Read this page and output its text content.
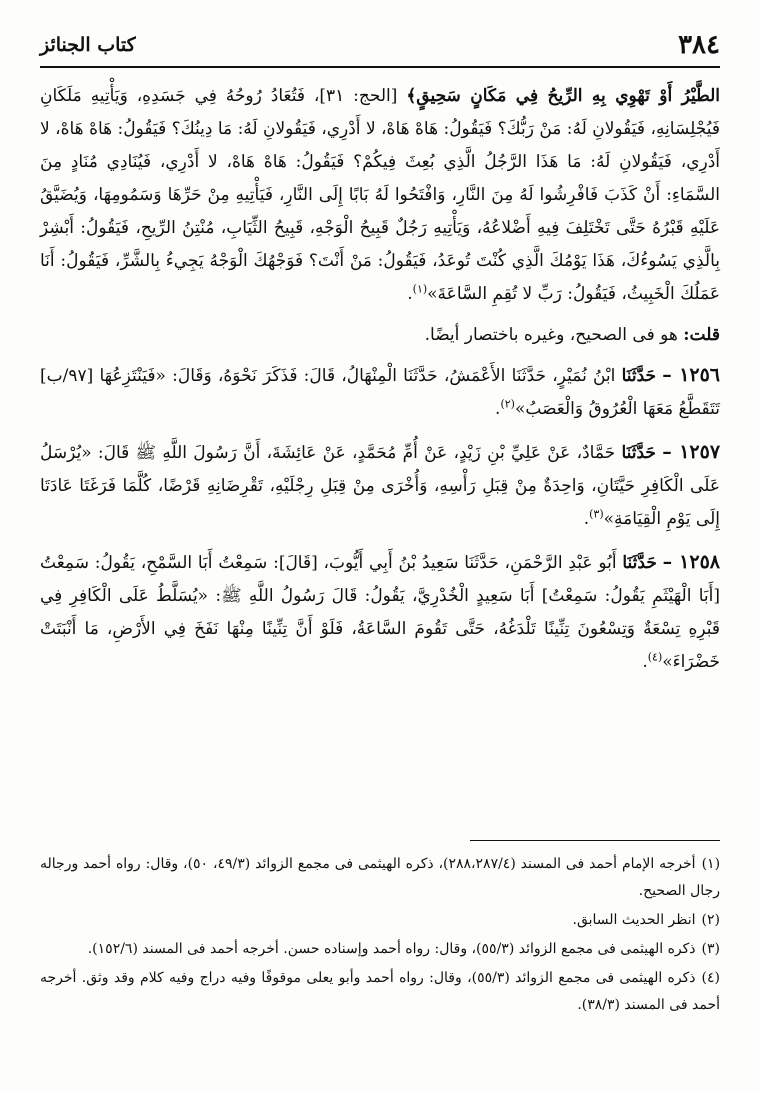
٣٨٤
كتاب الجنائز

الطَّيْرُ أَوْ تَهْوِي بِهِ الرِّيحُ فِي مَكَانٍ سَحِيقٍ﴾ [الحج: ٣١]، فَتُعَادُ رُوحُهُ فِي جَسَدِهِ، وَيَأْتِيهِ مَلَكَانِ فَيُجْلِسَانِهِ، فَيَقُولانِ لَهُ: مَنْ رَبُّكَ؟ فَيَقُولُ: هَاهْ هَاهْ، لا أَدْرِي، فَيَقُولانِ لَهُ: مَا دِينُكَ؟ فَيَقُولُ: هَاهْ هَاهْ، لا أَدْرِي، فَيَقُولانِ لَهُ: مَا هَذَا الرَّجُلُ الَّذِي بُعِثَ فِيكُمْ؟ فَيَقُولُ: هَاهْ هَاهْ، لا أَدْرِي، فَيُنَادِي مُنَادٍ مِنَ السَّمَاءِ: أَنْ كَذَبَ فَافْرِشُوا لَهُ مِنَ النَّارِ، وَافْتَحُوا لَهُ بَابًا إِلَى النَّارِ، فَيَأْتِيهِ مِنْ حَرِّهَا وَسَمُومِهَا، وَيُضَيَّقُ عَلَيْهِ قَبْرُهُ حَتَّى تَخْتَلِفَ فِيهِ أَضْلاعُهُ، وَيَأْتِيهِ رَجُلٌ قَبِيحُ الْوَجْهِ، قَبِيحُ الثِّيَابِ، مُنْتِنُ الرِّيحِ، فَيَقُولُ: أَبْشِرْ بِالَّذِي يَسُوءُكَ، هَذَا يَوْمُكَ الَّذِي كُنْتَ تُوعَدُ، فَيَقُولُ: مَنْ أَنْتَ؟ فَوَجْهُكَ الْوَجْهُ يَجِيءُ بِالشَّرِّ، فَيَقُولُ: أَنَا عَمَلُكَ الْخَبِيثُ، فَيَقُولُ: رَبِّ لا تُقِمِ السَّاعَةَ»$^{(١)}$.

قلت: هو فى الصحيح، وغيره باختصار أيضًا.

١٢٥٦ – حَدَّثَنَا ابْنُ نُمَيْرٍ، حَدَّثَنَا الأَعْمَشُ، حَدَّثَنَا الْمِنْهَالُ، قَالَ: فَذَكَرَ نَحْوَهُ، وَقَالَ: «فَيَنْتَزِعُهَا [٩٧/ب] تَتَقَطَّعُ مَعَهَا الْعُرُوقُ وَالْعَصَبُ»$^{(٢)}$.

١٢٥٧ – حَدَّثَنَا حَمَّادٌ، عَنْ عَلِيِّ بْنِ زَيْدٍ، عَنْ أُمِّ مُحَمَّدٍ، عَنْ عَائِشَةَ، أَنَّ رَسُولَ اللَّهِ ﷺ قَالَ: «يُرْسَلُ عَلَى الْكَافِرِ حَيَّتَانِ، وَاحِدَةٌ مِنْ قِبَلِ رَأْسِهِ، وَأُخْرَى مِنْ قِبَلِ رِجْلَيْهِ، تَقْرِضَانِهِ قَرْضًا، كُلَّمَا فَرَغَتَا عَادَتَا إِلَى يَوْمِ الْقِيَامَةِ»$^{(٣)}$.

١٢٥٨ – حَدَّثَنَا أَبُو عَبْدِ الرَّحْمَنِ، حَدَّثَنَا سَعِيدُ بْنُ أَبِي أَيُّوبَ، [قَالَ]: سَمِعْتُ أَبَا السَّمْحِ، يَقُولُ: سَمِعْتُ [أَبَا الْهَيْثَمِ يَقُولُ: سَمِعْتُ] أَبَا سَعِيدٍ الْخُدْرِيَّ، يَقُولُ: قَالَ رَسُولُ اللَّهِ ﷺ: «يُسَلَّطُ عَلَى الْكَافِرِ فِي قَبْرِهِ تِسْعَةٌ وَتِسْعُونَ تِنِّينًا تَلْدَغُهُ، حَتَّى تَقُومَ السَّاعَةُ، فَلَوْ أَنَّ تِنِّينًا مِنْهَا نَفَخَ فِي الأَرْضِ، مَا أَنْبَتَتْ خَضْرَاءَ»$^{(٤)}$.

(١)أخرجه الإمام أحمد فى المسند (٢٨٨،٢٨٧/٤)، ذكره الهيثمى فى مجمع الزوائد (٤٩/٣، ٥٠)، وقال: رواه أحمد ورجاله رجال الصحيح.
(٢)انظر الحديث السابق.
(٣)ذكره الهيثمى فى مجمع الزوائد (٥٥/٣)، وقال: رواه أحمد وإسناده حسن. أخرجه أحمد فى المسند (١٥٢/٦).
(٤)ذكره الهيثمى فى مجمع الزوائد (٥٥/٣)، وقال: رواه أحمد وأبو يعلى موقوفًا وفيه دراج وفيه كلام وقد وثق. أخرجه أحمد فى المسند (٣٨/٣).
